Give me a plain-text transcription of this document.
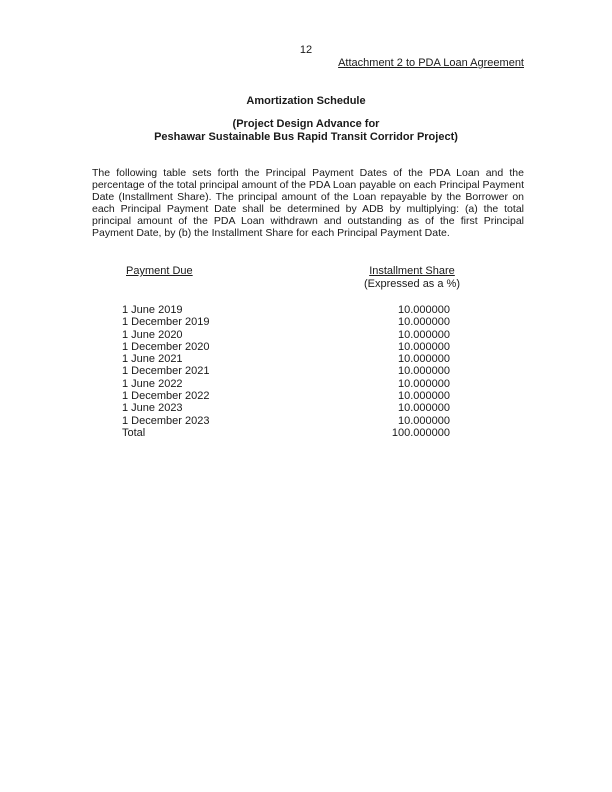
12
Attachment 2 to PDA Loan Agreement
Amortization Schedule
(Project Design Advance for
Peshawar Sustainable Bus Rapid Transit Corridor Project)

The following table sets forth the Principal Payment Dates of the PDA Loan and the percentage of the total principal amount of the PDA Loan payable on each Principal Payment Date (Installment Share). The principal amount of the Loan repayable by the Borrower on each Principal Payment Date shall be determined by ADB by multiplying: (a) the total principal amount of the PDA Loan withdrawn and outstanding as of the first Principal Payment Date, by (b) the Installment Share for each Principal Payment Date.

Payment Due	Installment Share
(Expressed as a %)
1 June 2019	10.000000
1 December 2019	10.000000
1 June 2020	10.000000
1 December 2020	10.000000
1 June 2021	10.000000
1 December 2021	10.000000
1 June 2022	10.000000
1 December 2022	10.000000
1 June 2023	10.000000
1 December 2023	10.000000
Total	100.000000
